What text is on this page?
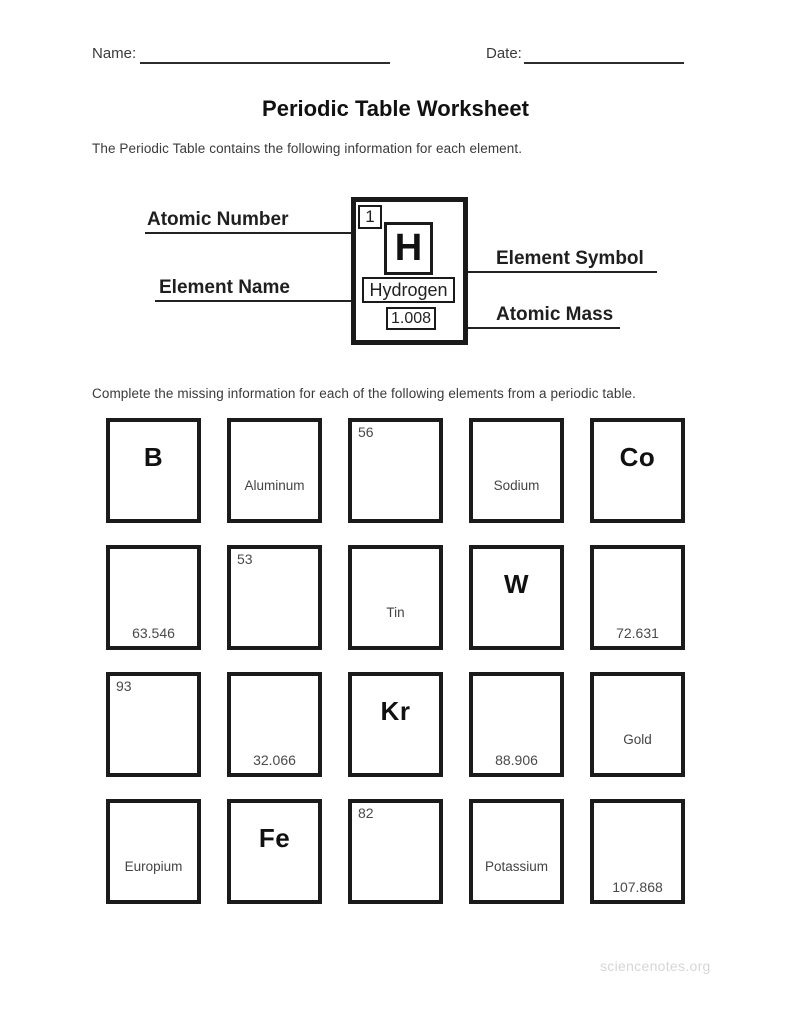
Name:	Date:
Periodic Table Worksheet

The Periodic Table contains the following information for each element.

Atomic Number
Element Name
Element Symbol
Atomic Mass
1
H
Hydrogen
1.008

Complete the missing information for each of the following elements from a periodic table.

B
Aluminum
56
Sodium
Co
63.546
53
Tin
W
72.631
93
32.066
Kr
88.906
Gold
Europium
Fe
82
Potassium
107.868
sciencenotes.org
